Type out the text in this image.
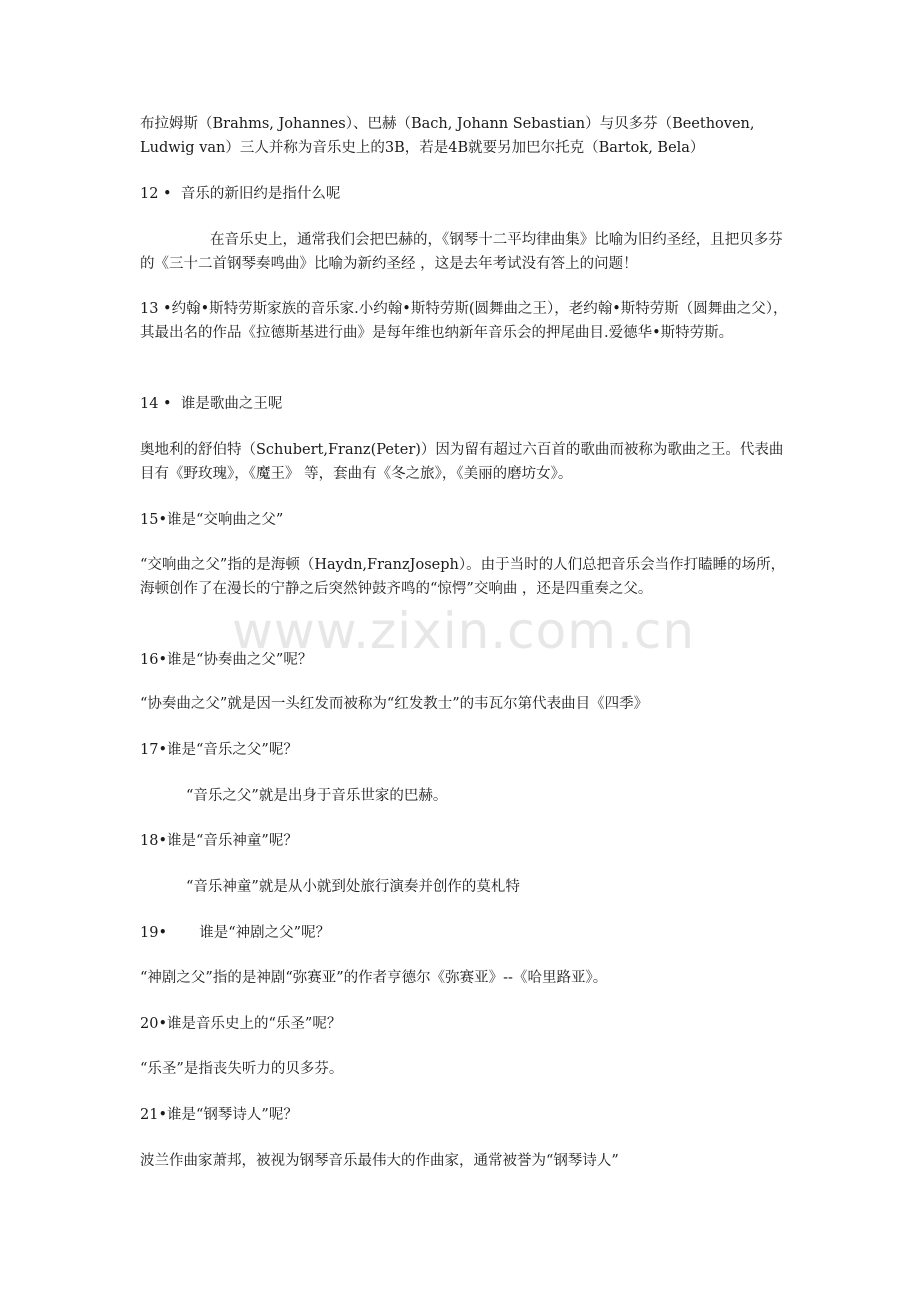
布拉姆斯（Brahms, Johannes）、巴赫（Bach, Johann Sebastian）与贝多芬（Beethoven, Ludwig van）三人并称为音乐史上的3B，若是4B就要另加巴尔托克（Bartok, Bela）

12 •  音乐的新旧约是指什么呢

在音乐史上，通常我们会把巴赫的，《钢琴十二平均律曲集》比喻为旧约圣经，且把贝多芬的《三十二首钢琴奏鸣曲》比喻为新约圣经 ，这是去年考试没有答上的问题！

13 •约翰•斯特劳斯家族的音乐家.小约翰•斯特劳斯(圆舞曲之王），老约翰•斯特劳斯（圆舞曲之父），其最出名的作品《拉德斯基进行曲》是每年维也纳新年音乐会的押尾曲目.爱德华•斯特劳斯。

14 •  谁是歌曲之王呢

奥地利的舒伯特（Schubert,Franz(Peter)）因为留有超过六百首的歌曲而被称为歌曲之王。代表曲目有《野玫瑰》，《魔王》 等，套曲有《冬之旅》，《美丽的磨坊女》。

15•谁是“交响曲之父”

“交响曲之父”指的是海顿（Haydn,FranzJoseph）。由于当时的人们总把音乐会当作打瞌睡的场所，海顿创作了在漫长的宁静之后突然钟鼓齐鸣的“惊愕”交响曲 ，还是四重奏之父。

16•谁是“协奏曲之父”呢？

“协奏曲之父”就是因一头红发而被称为“红发教士”的韦瓦尔第代表曲目《四季》

17•谁是“音乐之父”呢？

“音乐之父”就是出身于音乐世家的巴赫。

18•谁是“音乐神童”呢？

“音乐神童”就是从小就到处旅行演奏并创作的莫札特

19•       谁是“神剧之父”呢？

“神剧之父”指的是神剧“弥赛亚”的作者亨德尔《弥赛亚》--《哈里路亚》。

20•谁是音乐史上的“乐圣”呢？

“乐圣”是指丧失听力的贝多芬。

21•谁是“钢琴诗人”呢？

波兰作曲家萧邦，被视为钢琴音乐最伟大的作曲家，通常被誉为“钢琴诗人”

www.zixin.com.cn
